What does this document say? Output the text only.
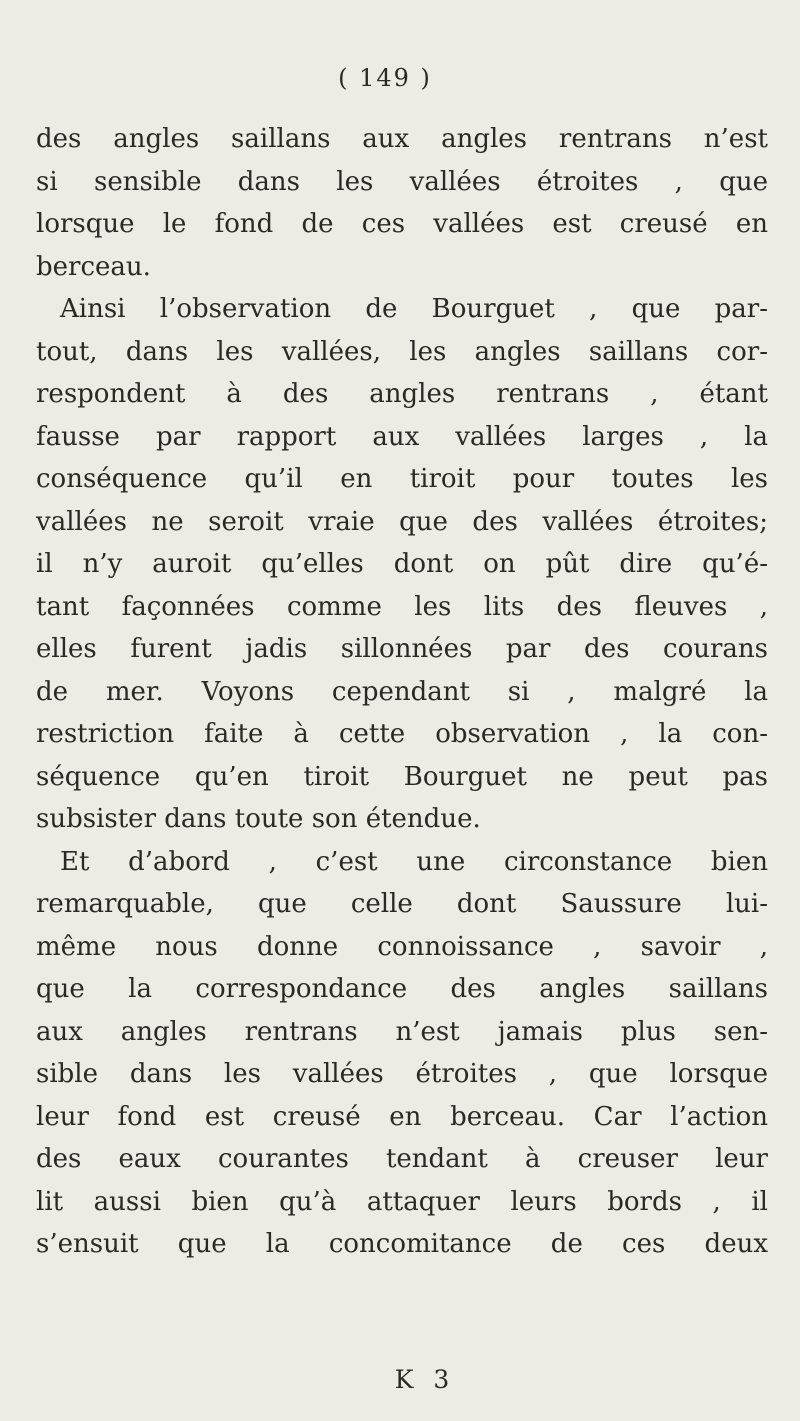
( 149 )
des angles saillans aux angles rentrans n’est
si sensible dans les vallées étroites , que
lorsque le fond de ces vallées est creusé en
berceau.
Ainsi l’observation de Bourguet , que par-
tout, dans les vallées, les angles saillans cor-
respondent à des angles rentrans , étant
fausse par rapport aux vallées larges , la
conséquence qu’il en tiroit pour toutes les
vallées ne seroit vraie que des vallées étroites;
il n’y auroit qu’elles dont on pût dire qu’é-
tant façonnées comme les lits des fleuves ,
elles furent jadis sillonnées par des courans
de mer. Voyons cependant si , malgré la
restriction faite à cette observation , la con-
séquence qu’en tiroit Bourguet ne peut pas
subsister dans toute son étendue.
Et d’abord , c’est une circonstance bien
remarquable, que celle dont Saussure lui-
même nous donne connoissance , savoir ,
que la correspondance des angles saillans
aux angles rentrans n’est jamais plus sen-
sible dans les vallées étroites , que lorsque
leur fond est creusé en berceau. Car l’action
des eaux courantes tendant à creuser leur
lit aussi bien qu’à attaquer leurs bords , il
s’ensuit que la concomitance de ces deux
K 3
